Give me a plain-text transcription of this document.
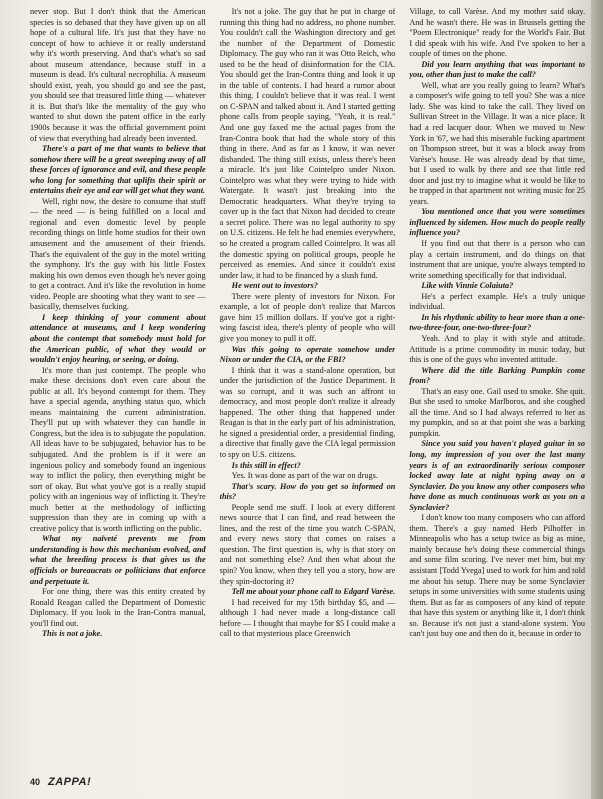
never stop. But I don't think that the American species is so debased that they have given up on all hope of a cultural life. It's just that they have no concept of how to achieve it or really understand why it's worth preserving. And that's what's so sad about museum attendance, because stuff in a museum is dead. It's cultural necrophilia. A museum should exist, yeah, you should go and see the past, you should see that treasured little thing — whatever it is. But that's like the mentality of the guy who wanted to shut down the patent office in the early 1900s because it was the official government point of view that everything had already been invented.

There's a part of me that wants to believe that somehow there will be a great sweeping away of all these forces of ignorance and evil, and these people who long for something that uplifts their spirit or entertains their eye and ear will get what they want.

Well, right now, the desire to consume that stuff — the need — is being fulfilled on a local and regional and even domestic level by people recording things on little home studios for their own amusement and the amusement of their friends. That's the equivalent of the guy in the motel writing the symphony. It's the guy with his little Fostex making his own demos even though he's never going to get a contract. And it's like the revolution in home video. People are shooting what they want to see — basically, themselves fucking.

I keep thinking of your comment about attendance at museums, and I keep wondering about the contempt that somebody must hold for the American public, of what they would or wouldn't enjoy hearing, or seeing, or doing.

It's more than just contempt. The people who make these decisions don't even care about the public at all. It's beyond contempt for them. They have a special agenda, anything status quo, which means maintaining the current administration. They'll put up with whatever they can handle in Congress, but the idea is to subjugate the population. All ideas have to be subjugated, behavior has to be subjugated. And the problem is if it were an ingenious policy and somebody found an ingenious way to inflict the policy, then everything might be sort of okay. But what you've got is a really stupid policy with an ingenious way of inflicting it. They're much better at the methodology of inflicting suppression than they are in coming up with a creative policy that is worth inflicting on the public.

What my naïveté prevents me from understanding is how this mechanism evolved, and what the breeding process is that gives us the officials or bureaucrats or politicians that enforce and perpetuate it.

For one thing, there was this entity created by Ronald Reagan called the Department of Domestic Diplomacy. If you look in the Iran-Contra manual, you'll find out.

This is not a joke.

It's not a joke. The guy that he put in charge of running this thing had no address, no phone number. You couldn't call the Washington directory and get the number of the Department of Domestic Diplomacy. The guy who ran it was Otto Reich, who used to be the head of disinformation for the CIA. You should get the Iran-Contra thing and look it up in the table of contents. I had heard a rumor about this thing. I couldn't believe that it was real. I went on C-SPAN and talked about it. And I started getting phone calls from people saying, "Yeah, it is real." And one guy faxed me the actual pages from the Iran-Contra book that had the whole story of this thing in there. And as far as I know, it was never disbanded. The thing still exists, unless there's been a miracle. It's just like Cointelpro under Nixon. Cointelpro was what they were trying to hide with Watergate. It wasn't just breaking into the Democratic headquarters. What they're trying to cover up is the fact that Nixon had decided to create a secret police. There was no legal authority to spy on U.S. citizens. He felt he had enemies everywhere, so he created a program called Cointelpro. It was all the domestic spying on political groups, people he perceived as enemies. And since it couldn't exist under law, it had to be financed by a slush fund.

He went out to investors?

There were plenty of investors for Nixon. For example, a lot of people don't realize that Marcos gave him 15 million dollars. If you've got a right-wing fascist idea, there's plenty of people who will give you money to pull it off.

Was this going to operate somehow under Nixon or under the CIA, or the FBI?

I think that it was a stand-alone operation, but under the jurisdiction of the Justice Department. It was so corrupt, and it was such an affront to democracy, and most people don't realize it already happened. The other thing that happened under Reagan is that in the early part of his administration, he signed a presidential order, a presidential finding, a directive that finally gave the CIA legal permission to spy on U.S. citizens.

Is this still in effect?

Yes. It was done as part of the war on drugs.

That's scary. How do you get so informed on this?

People send me stuff. I look at every different news source that I can find, and read between the lines, and the rest of the time you watch C-SPAN, and every news story that comes on raises a question. The first question is, why is that story on and not something else? And then what about the spin? You know, when they tell you a story, how are they spin-doctoring it?

Tell me about your phone call to Edgard Varèse.

I had received for my 15th birthday $5, and — although I had never made a long-distance call before — I thought that maybe for $5 I could make a call to that mysterious place Greenwich

Village, to call Varèse. And my mother said okay. And he wasn't there. He was in Brussels getting the "Poem Electronique" ready for the World's Fair. But I did speak with his wife. And I've spoken to her a couple of times on the phone.

Did you learn anything that was important to you, other than just to make the call?

Well, what are you really going to learn? What's a composer's wife going to tell you? She was a nice lady. She was kind to take the call. They lived on Sullivan Street in the Village. It was a nice place. It had a red lacquer door. When we moved to New York in '67, we had this miserable fucking apartment on Thompson street, but it was a block away from Varèse's house. He was already dead by that time, but I used to walk by there and see that little red door and just try to imagine what it would be like to be trapped in that apartment not writing music for 25 years.

You mentioned once that you were sometimes influenced by sidemen. How much do people really influence you?

If you find out that there is a person who can play a certain instrument, and do things on that instrument that are unique, you're always tempted to write something specifically for that individual.

Like with Vinnie Colaiuta?

He's a perfect example. He's a truly unique individual.

In his rhythmic ability to hear more than a one-two-three-four, one-two-three-four?

Yeah. And to play it with style and attitude. Attitude is a prime commodity in music today, but this is one of the guys who invented attitude.

Where did the title Barking Pumpkin come from?

That's an easy one. Gail used to smoke. She quit. But she used to smoke Marlboros, and she coughed all the time. And so I had always referred to her as my pumpkin, and so at that point she was a barking pumpkin.

Since you said you haven't played guitar in so long, my impression of you over the last many years is of an extraordinarily serious composer locked away late at night typing away on a Synclavier. Do you know any other composers who have done as much continuous work as you on a Synclavier?

I don't know too many composers who can afford them. There's a guy named Herb Pilhoffer in Minneapolis who has a setup twice as big as mine, mainly because he's doing these commercial things and some film scoring. I've never met him, but my assistant [Todd Yvega] used to work for him and told me about his setup. There may be some Synclavier setups in some universities with some students using them. But as far as composers of any kind of repute that have this system or anything like it, I don't think so. Because it's not just a stand-alone system. You can't just buy one and then do it, because in order to

40 ZAPPA!
